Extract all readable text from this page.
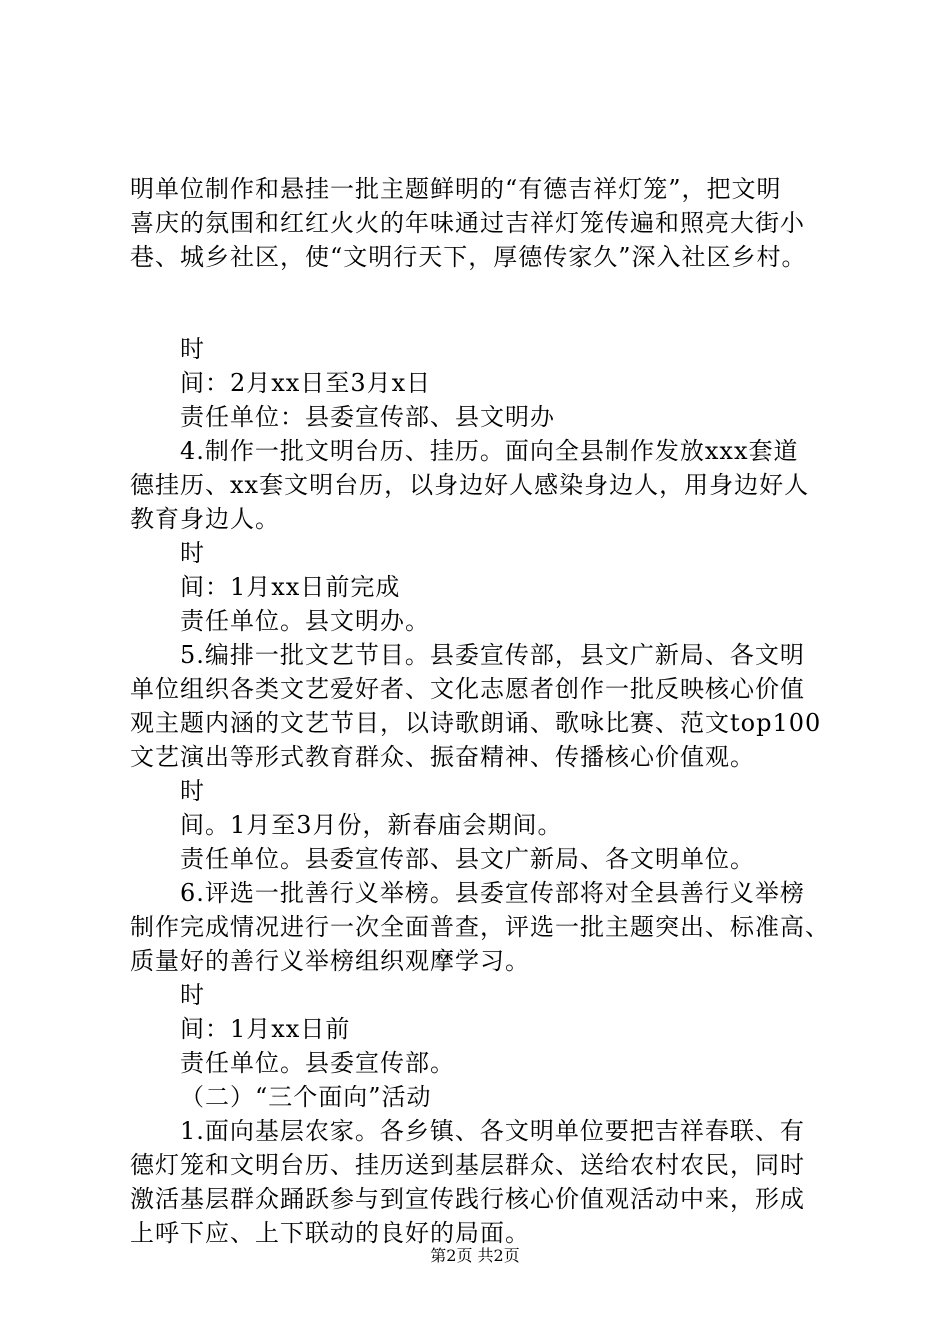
明单位制作和悬挂一批主题鲜明的“有德吉祥灯笼”，把文明
喜庆的氛围和红红火火的年味通过吉祥灯笼传遍和照亮大街小
巷、城乡社区，使“文明行天下，厚德传家久”深入社区乡村。
时
间：2月xx日至3月x日
责任单位：县委宣传部、县文明办
4.制作一批文明台历、挂历。面向全县制作发放xxx套道
德挂历、xx套文明台历，以身边好人感染身边人，用身边好人
教育身边人。
时
间：1月xx日前完成
责任单位。县文明办。
5.编排一批文艺节目。县委宣传部，县文广新局、各文明
单位组织各类文艺爱好者、文化志愿者创作一批反映核心价值
观主题内涵的文艺节目，以诗歌朗诵、歌咏比赛、范文top100
文艺演出等形式教育群众、振奋精神、传播核心价值观。
时
间。1月至3月份，新春庙会期间。
责任单位。县委宣传部、县文广新局、各文明单位。
6.评选一批善行义举榜。县委宣传部将对全县善行义举榜
制作完成情况进行一次全面普查，评选一批主题突出、标准高、
质量好的善行义举榜组织观摩学习。
时
间：1月xx日前
责任单位。县委宣传部。
（二）“三个面向”活动
1.面向基层农家。各乡镇、各文明单位要把吉祥春联、有
德灯笼和文明台历、挂历送到基层群众、送给农村农民，同时
激活基层群众踊跃参与到宣传践行核心价值观活动中来，形成
上呼下应、上下联动的良好的局面。
第2页 共2页
